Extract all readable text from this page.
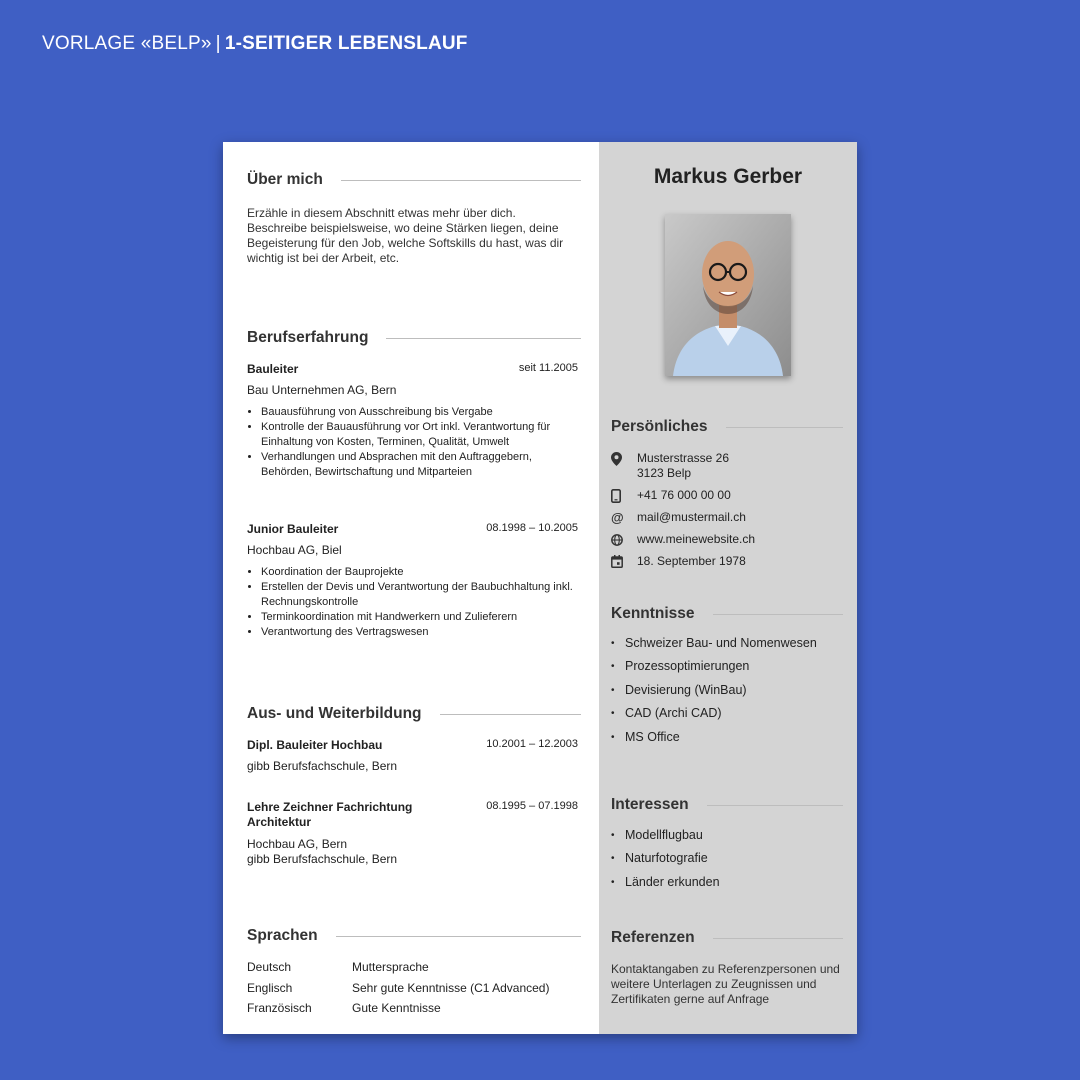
VORLAGE «BELP» | 1-SEITIGER LEBENSLAUF
Über mich
Erzähle in diesem Abschnitt etwas mehr über dich. Beschreibe beispielsweise, wo deine Stärken liegen, deine Begeisterung für den Job, welche Softskills du hast, was dir wichtig ist bei der Arbeit, etc.
Berufserfahrung
Bauleiter	seit 11.2005
Bau Unternehmen AG, Bern
• Bauausführung von Ausschreibung bis Vergabe
• Kontrolle der Bauausführung vor Ort inkl. Verantwortung für Einhaltung von Kosten, Terminen, Qualität, Umwelt
• Verhandlungen und Absprachen mit den Auftraggebern, Behörden, Bewirtschaftung und Mitparteien
Junior Bauleiter	08.1998 – 10.2005
Hochbau AG, Biel
• Koordination der Bauprojekte
• Erstellen der Devis und Verantwortung der Baubuchhaltung inkl. Rechnungskontrolle
• Terminkoordination mit Handwerkern und Zulieferern
• Verantwortung des Vertragswesen
Aus- und Weiterbildung
Dipl. Bauleiter Hochbau	10.2001 – 12.2003
gibb Berufsfachschule, Bern
Lehre Zeichner Fachrichtung Architektur
08.1995 – 07.1998
Hochbau AG, Bern
gibb Berufsfachschule, Bern
Sprachen
Deutsch	Muttersprache
Englisch	Sehr gute Kenntnisse (C1 Advanced)
Französisch	Gute Kenntnisse
Markus Gerber
Persönliches
Musterstrasse 26
3123 Belp
+41 76 000 00 00
@	mail@mustermail.ch
www.meinewebsite.ch
18. September 1978
Kenntnisse
• Schweizer Bau- und Nomenwesen
• Prozessoptimierungen
• Devisierung (WinBau)
• CAD (Archi CAD)
• MS Office
Interessen
• Modellflugbau
• Naturfotografie
• Länder erkunden
Referenzen
Kontaktangaben zu Referenzpersonen und weitere Unterlagen zu Zeugnissen und Zertifikaten gerne auf Anfrage
